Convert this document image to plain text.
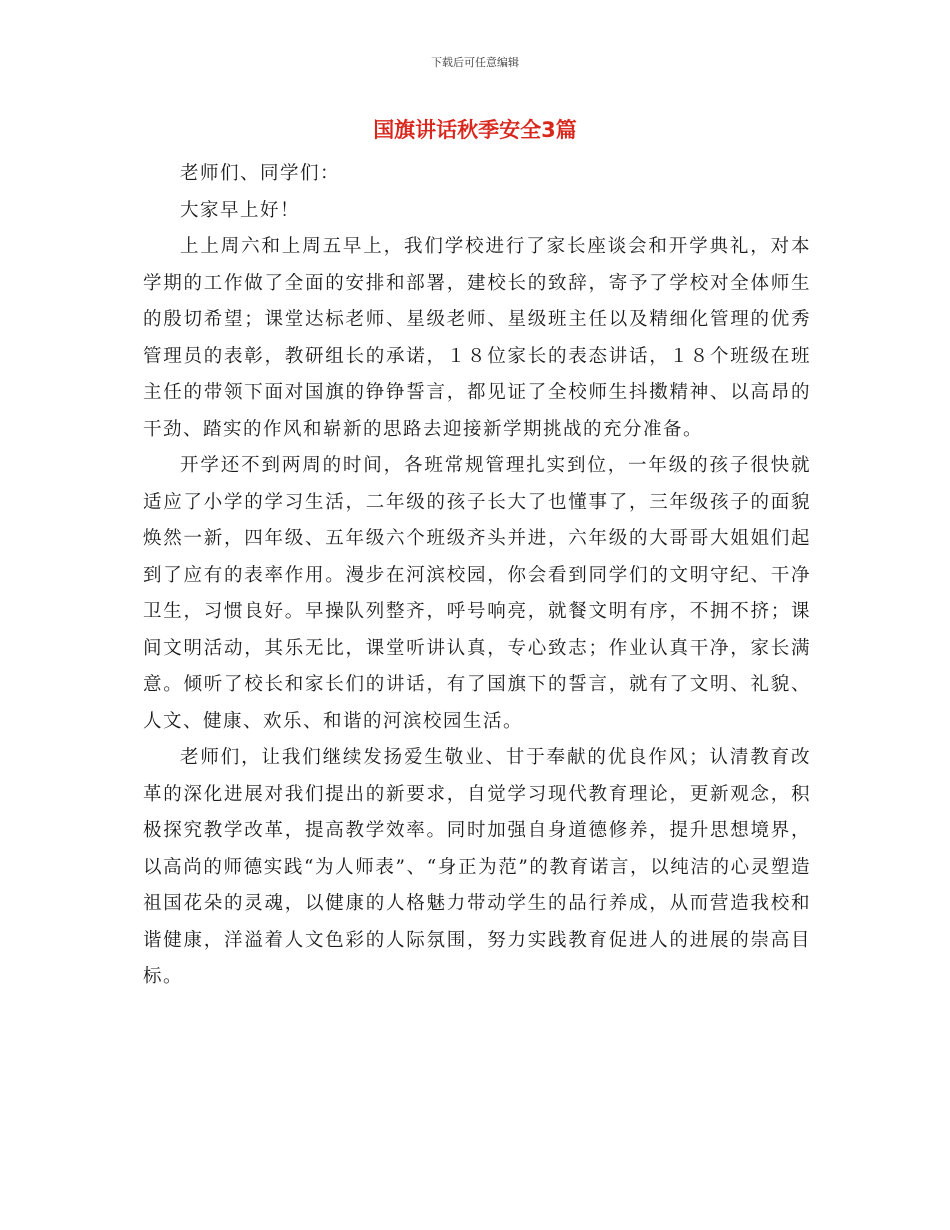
下载后可任意编辑
国旗讲话秋季安全3篇

老师们、同学们：

大家早上好！

上上周六和上周五早上，我们学校进行了家长座谈会和开学典礼，对本学期的工作做了全面的安排和部署，建校长的致辞，寄予了学校对全体师生的殷切希望；课堂达标老师、星级老师、星级班主任以及精细化管理的优秀管理员的表彰，教研组长的承诺，１８位家长的表态讲话，１８个班级在班主任的带领下面对国旗的铮铮誓言，都见证了全校师生抖擞精神、以高昂的干劲、踏实的作风和崭新的思路去迎接新学期挑战的充分准备。

开学还不到两周的时间，各班常规管理扎实到位，一年级的孩子很快就适应了小学的学习生活，二年级的孩子长大了也懂事了，三年级孩子的面貌焕然一新，四年级、五年级六个班级齐头并进，六年级的大哥哥大姐姐们起到了应有的表率作用。漫步在河滨校园，你会看到同学们的文明守纪、干净卫生，习惯良好。早操队列整齐，呼号响亮，就餐文明有序，不拥不挤；课间文明活动，其乐无比，课堂听讲认真，专心致志；作业认真干净，家长满意。倾听了校长和家长们的讲话，有了国旗下的誓言，就有了文明、礼貌、人文、健康、欢乐、和谐的河滨校园生活。

老师们，让我们继续发扬爱生敬业、甘于奉献的优良作风；认清教育改革的深化进展对我们提出的新要求，自觉学习现代教育理论，更新观念，积极探究教学改革，提高教学效率。同时加强自身道德修养，提升思想境界，以高尚的师德实践“为人师表”、“身正为范”的教育诺言，以纯洁的心灵塑造祖国花朵的灵魂，以健康的人格魅力带动学生的品行养成，从而营造我校和谐健康，洋溢着人文色彩的人际氛围，努力实践教育促进人的进展的崇高目标。
